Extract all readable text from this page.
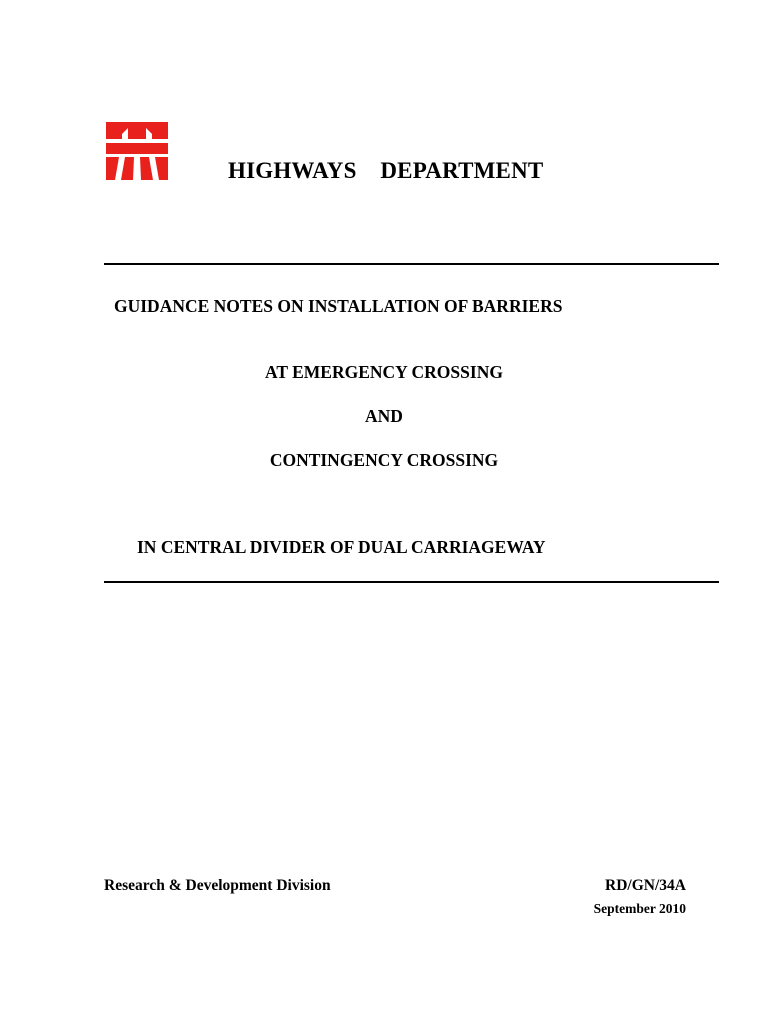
HIGHWAYS    DEPARTMENT
GUIDANCE NOTES ON INSTALLATION OF BARRIERS
AT EMERGENCY CROSSING
AND
CONTINGENCY CROSSING
IN CENTRAL DIVIDER OF DUAL CARRIAGEWAY
Research & Development Division	RD/GN/34A
September 2010
